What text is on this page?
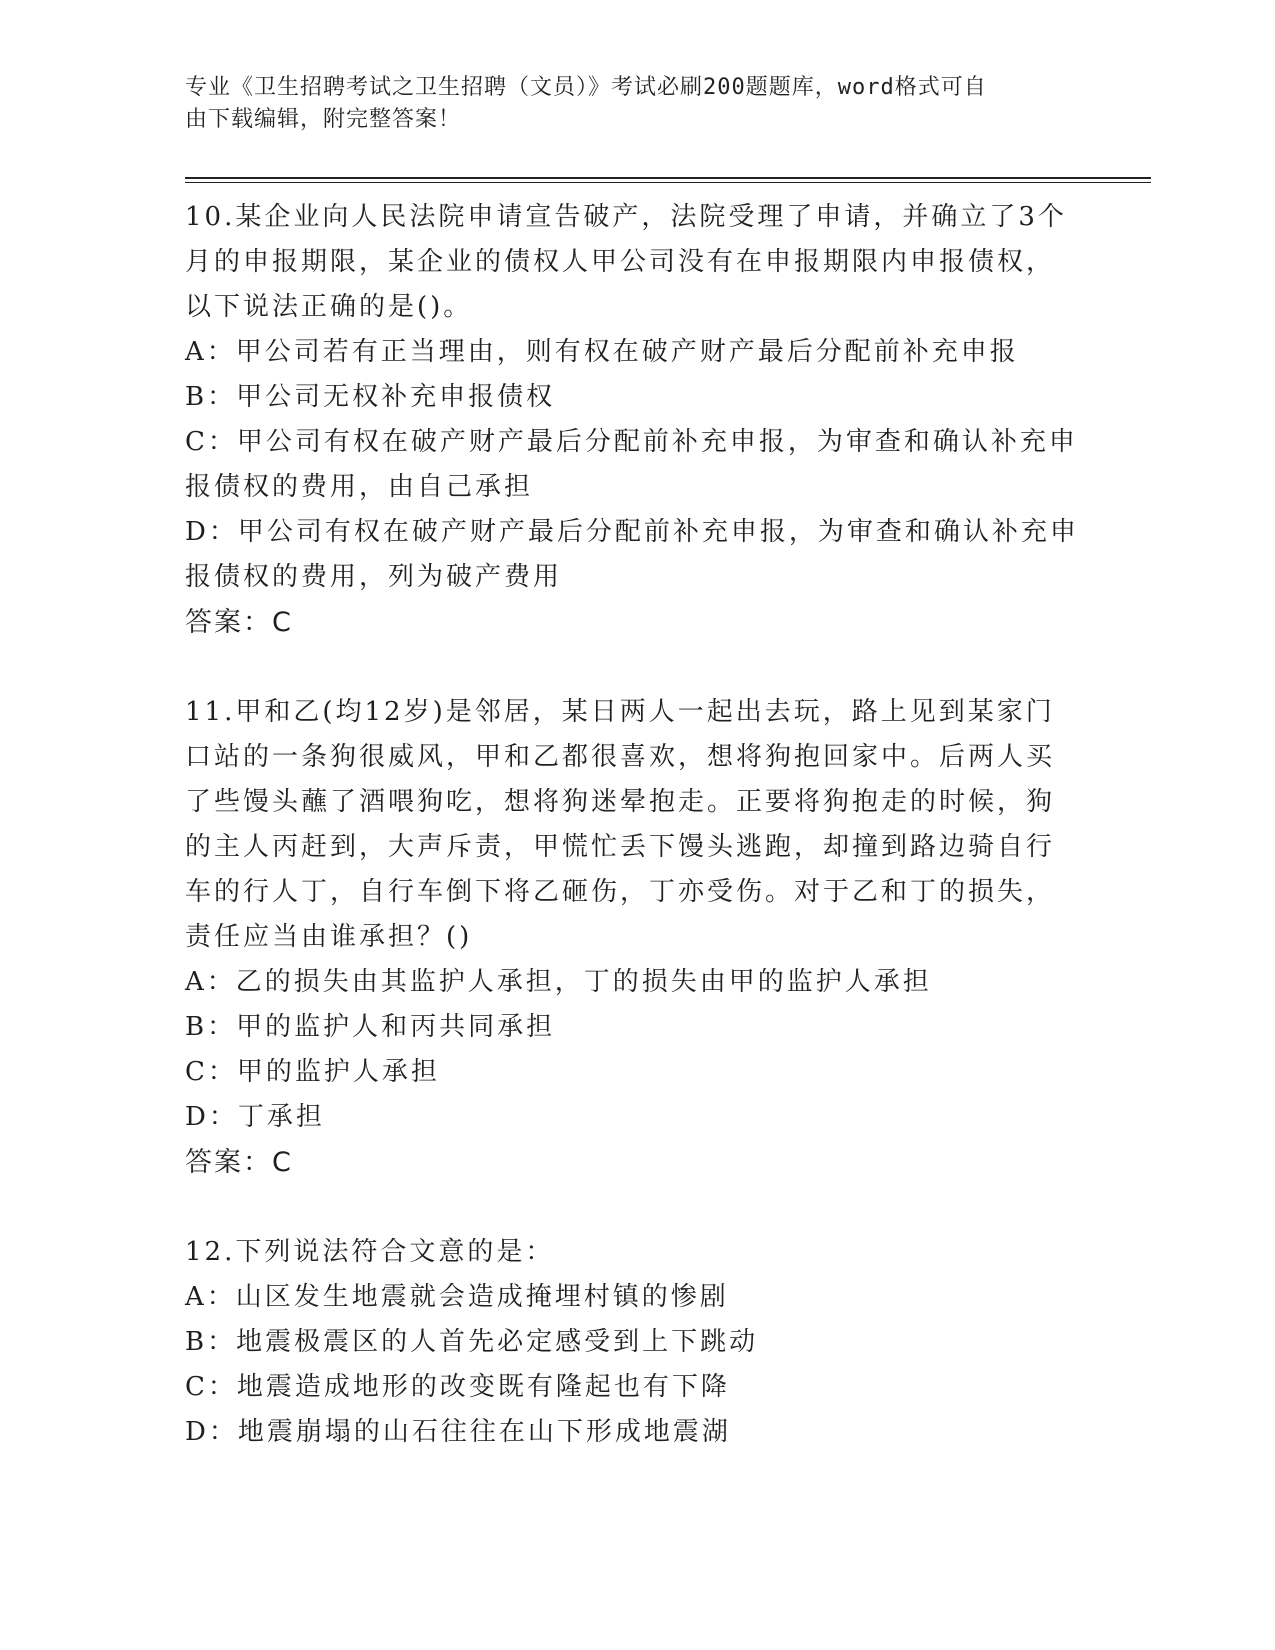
专业《卫生招聘考试之卫生招聘（文员）》考试必刷200题题库，word格式可自

由下载编辑，附完整答案！

10.某企业向人民法院申请宣告破产，法院受理了申请，并确立了3个

月的申报期限，某企业的债权人甲公司没有在申报期限内申报债权，

以下说法正确的是()。

A：甲公司若有正当理由，则有权在破产财产最后分配前补充申报

B：甲公司无权补充申报债权

C：甲公司有权在破产财产最后分配前补充申报，为审查和确认补充申

报债权的费用，由自己承担

D：甲公司有权在破产财产最后分配前补充申报，为审查和确认补充申

报债权的费用，列为破产费用

答案：C

11.甲和乙(均12岁)是邻居，某日两人一起出去玩，路上见到某家门

口站的一条狗很威风，甲和乙都很喜欢，想将狗抱回家中。后两人买

了些馒头蘸了酒喂狗吃，想将狗迷晕抱走。正要将狗抱走的时候，狗

的主人丙赶到，大声斥责，甲慌忙丢下馒头逃跑，却撞到路边骑自行

车的行人丁，自行车倒下将乙砸伤，丁亦受伤。对于乙和丁的损失，

责任应当由谁承担？()

A：乙的损失由其监护人承担，丁的损失由甲的监护人承担

B：甲的监护人和丙共同承担

C：甲的监护人承担

D：丁承担

答案：C

12.下列说法符合文意的是：

A：山区发生地震就会造成掩埋村镇的惨剧

B：地震极震区的人首先必定感受到上下跳动

C：地震造成地形的改变既有隆起也有下降

D：地震崩塌的山石往往在山下形成地震湖
